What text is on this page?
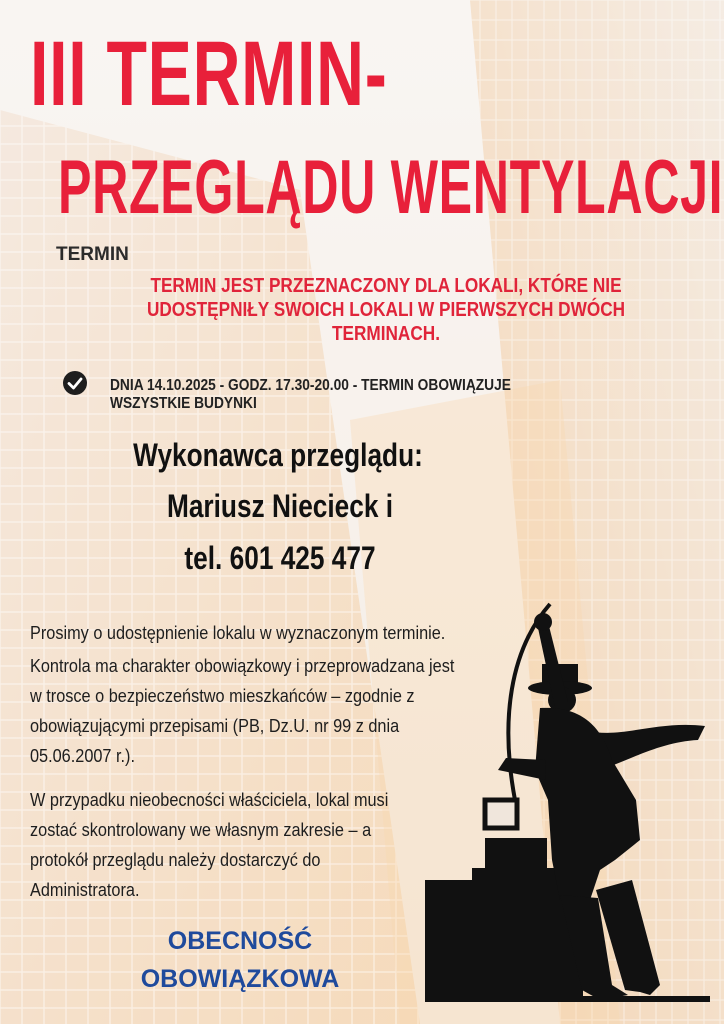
III TERMIN-
PRZEGLĄDU WENTYLACJI
TERMIN
TERMIN JEST PRZEZNACZONY DLA LOKALI, KTÓRE NIE UDOSTĘPNIŁY SWOICH LOKALI W PIERWSZYCH DWÓCH TERMINACH.
DNIA 14.10.2025 - GODZ. 17.30-20.00 - TERMIN OBOWIĄZUJE WSZYSTKIE BUDYNKI
Wykonawca przeglądu:
Mariusz Niecieck i
tel. 601 425 477
Prosimy o udostępnienie lokalu w wyznaczonym terminie.
Kontrola ma charakter obowiązkowy i przeprowadzana jest w trosce o bezpieczeństwo mieszkańców – zgodnie z obowiązującymi przepisami (PB, Dz.U. nr 99 z dnia 05.06.2007 r.).
W przypadku nieobecności właściciela, lokal musi zostać skontrolowany we własnym zakresie – a protokół przeglądu należy dostarczyć do Administratora.
OBECNOŚĆ
OBOWIĄZKOWA
